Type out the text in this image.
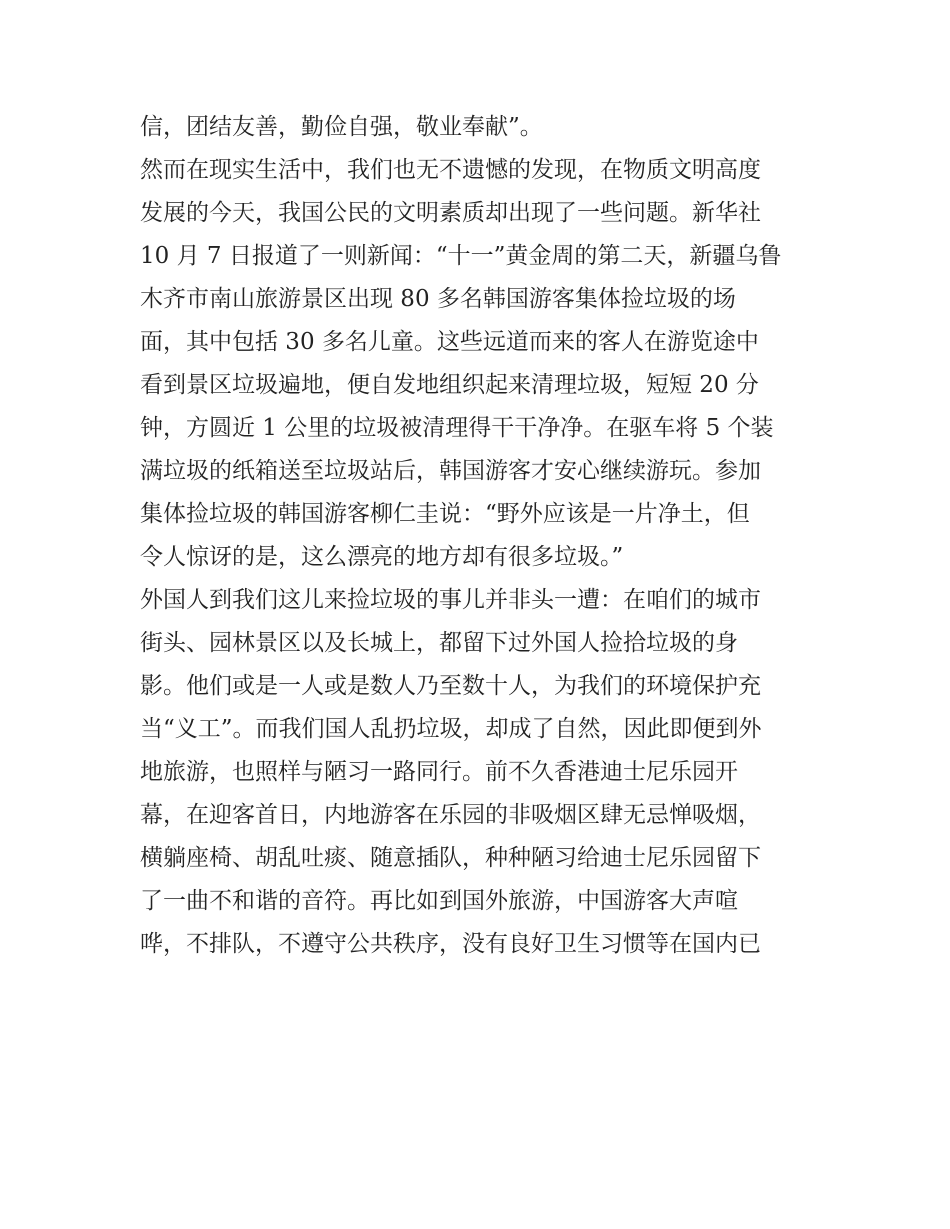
信，团结友善，勤俭自强，敬业奉献”。
然而在现实生活中，我们也无不遗憾的发现，在物质文明高度
发展的今天，我国公民的文明素质却出现了一些问题。新华社
10 月 7 日报道了一则新闻：“十一”黄金周的第二天，新疆乌鲁
木齐市南山旅游景区出现 80 多名韩国游客集体捡垃圾的场
面，其中包括 30 多名儿童。这些远道而来的客人在游览途中
看到景区垃圾遍地，便自发地组织起来清理垃圾，短短 20 分
钟，方圆近 1 公里的垃圾被清理得干干净净。在驱车将 5 个装
满垃圾的纸箱送至垃圾站后，韩国游客才安心继续游玩。参加
集体捡垃圾的韩国游客柳仁圭说：“野外应该是一片净土，但
令人惊讶的是，这么漂亮的地方却有很多垃圾。”
外国人到我们这儿来捡垃圾的事儿并非头一遭：在咱们的城市
街头、园林景区以及长城上，都留下过外国人捡拾垃圾的身
影。他们或是一人或是数人乃至数十人，为我们的环境保护充
当“义工”。而我们国人乱扔垃圾，却成了自然，因此即便到外
地旅游，也照样与陋习一路同行。前不久香港迪士尼乐园开
幕，在迎客首日，内地游客在乐园的非吸烟区肆无忌惮吸烟，
横躺座椅、胡乱吐痰、随意插队，种种陋习给迪士尼乐园留下
了一曲不和谐的音符。再比如到国外旅游，中国游客大声喧
哗，不排队，不遵守公共秩序，没有良好卫生习惯等在国内已
